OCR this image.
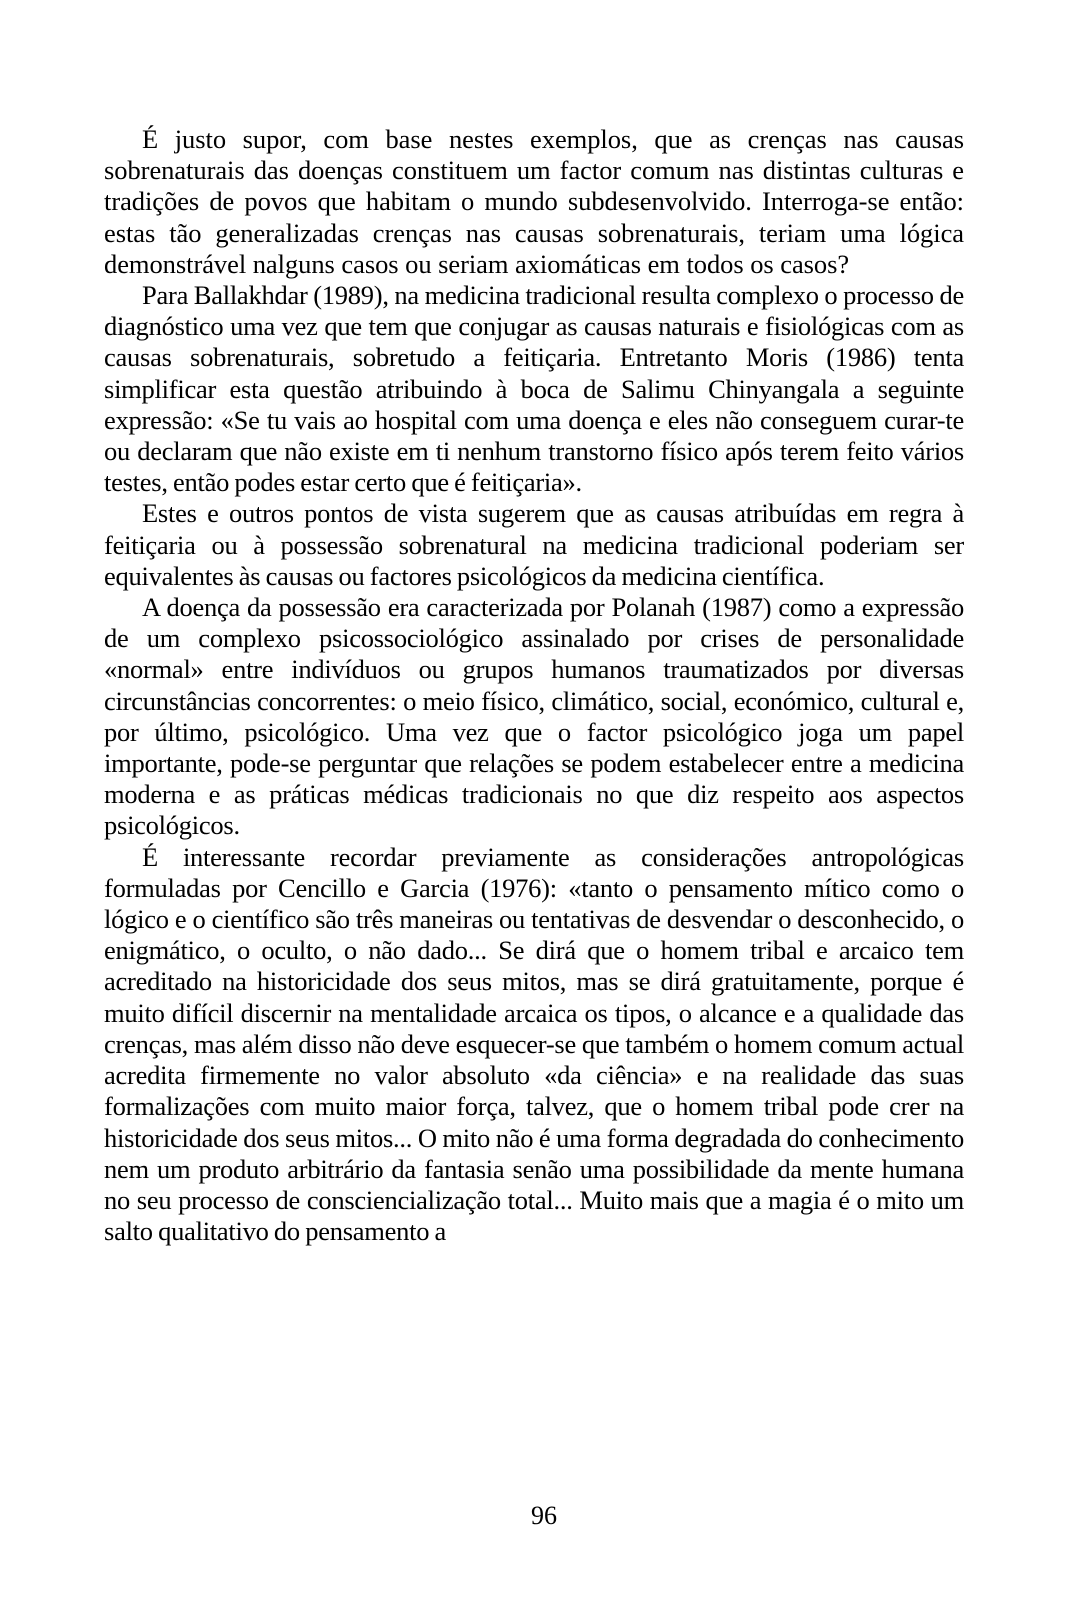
É justo supor, com base nestes exemplos, que as crenças nas causas sobrenaturais das doenças constituem um factor comum nas distintas culturas e tradições de povos que habitam o mundo subdesenvolvido. Interroga-se então: estas tão generalizadas crenças nas causas sobrenaturais, teriam uma lógica demonstrável nalguns casos ou seriam axiomáticas em todos os casos?

Para Ballakhdar (1989), na medicina tradicional resulta complexo o processo de diagnóstico uma vez que tem que conjugar as causas naturais e fisiológicas com as causas sobrenaturais, sobretudo a feitiçaria. Entretanto Moris (1986) tenta simplificar esta questão atribuindo à boca de Salimu Chinyangala a seguinte expressão: «Se tu vais ao hospital com uma doença e eles não conseguem curar-te ou declaram que não existe em ti nenhum transtorno físico após terem feito vários testes, então podes estar certo que é feitiçaria».

Estes e outros pontos de vista sugerem que as causas atribuídas em regra à feitiçaria ou à possessão sobrenatural na medicina tradicional poderiam ser equivalentes às causas ou factores psicológicos da medicina científica.

A doença da possessão era caracterizada por Polanah (1987) como a expressão de um complexo psicossociológico assinalado por crises de personalidade «normal» entre indivíduos ou grupos humanos traumatizados por diversas circunstâncias concorrentes: o meio físico, climático, social, económico, cultural e, por último, psicológico. Uma vez que o factor psicológico joga um papel importante, pode-se perguntar que relações se podem estabelecer entre a medicina moderna e as práticas médicas tradicionais no que diz respeito aos aspectos psicológicos.

É interessante recordar previamente as considerações antropológicas formuladas por Cencillo e Garcia (1976): «tanto o pensamento mítico como o lógico e o científico são três maneiras ou tentativas de desvendar o desconhecido, o enigmático, o oculto, o não dado... Se dirá que o homem tribal e arcaico tem acreditado na historicidade dos seus mitos, mas se dirá gratuitamente, porque é muito difícil discernir na mentalidade arcaica os tipos, o alcance e a qualidade das crenças, mas além disso não deve esquecer-se que também o homem comum actual acredita firmemente no valor absoluto «da ciência» e na realidade das suas formalizações com muito maior força, talvez, que o homem tribal pode crer na historicidade dos seus mitos... O mito não é uma forma degradada do conhecimento nem um produto arbitrário da fantasia senão uma possibilidade da mente humana no seu processo de consciencialização total... Muito mais que a magia é o mito um salto qualitativo do pensamento a

96
